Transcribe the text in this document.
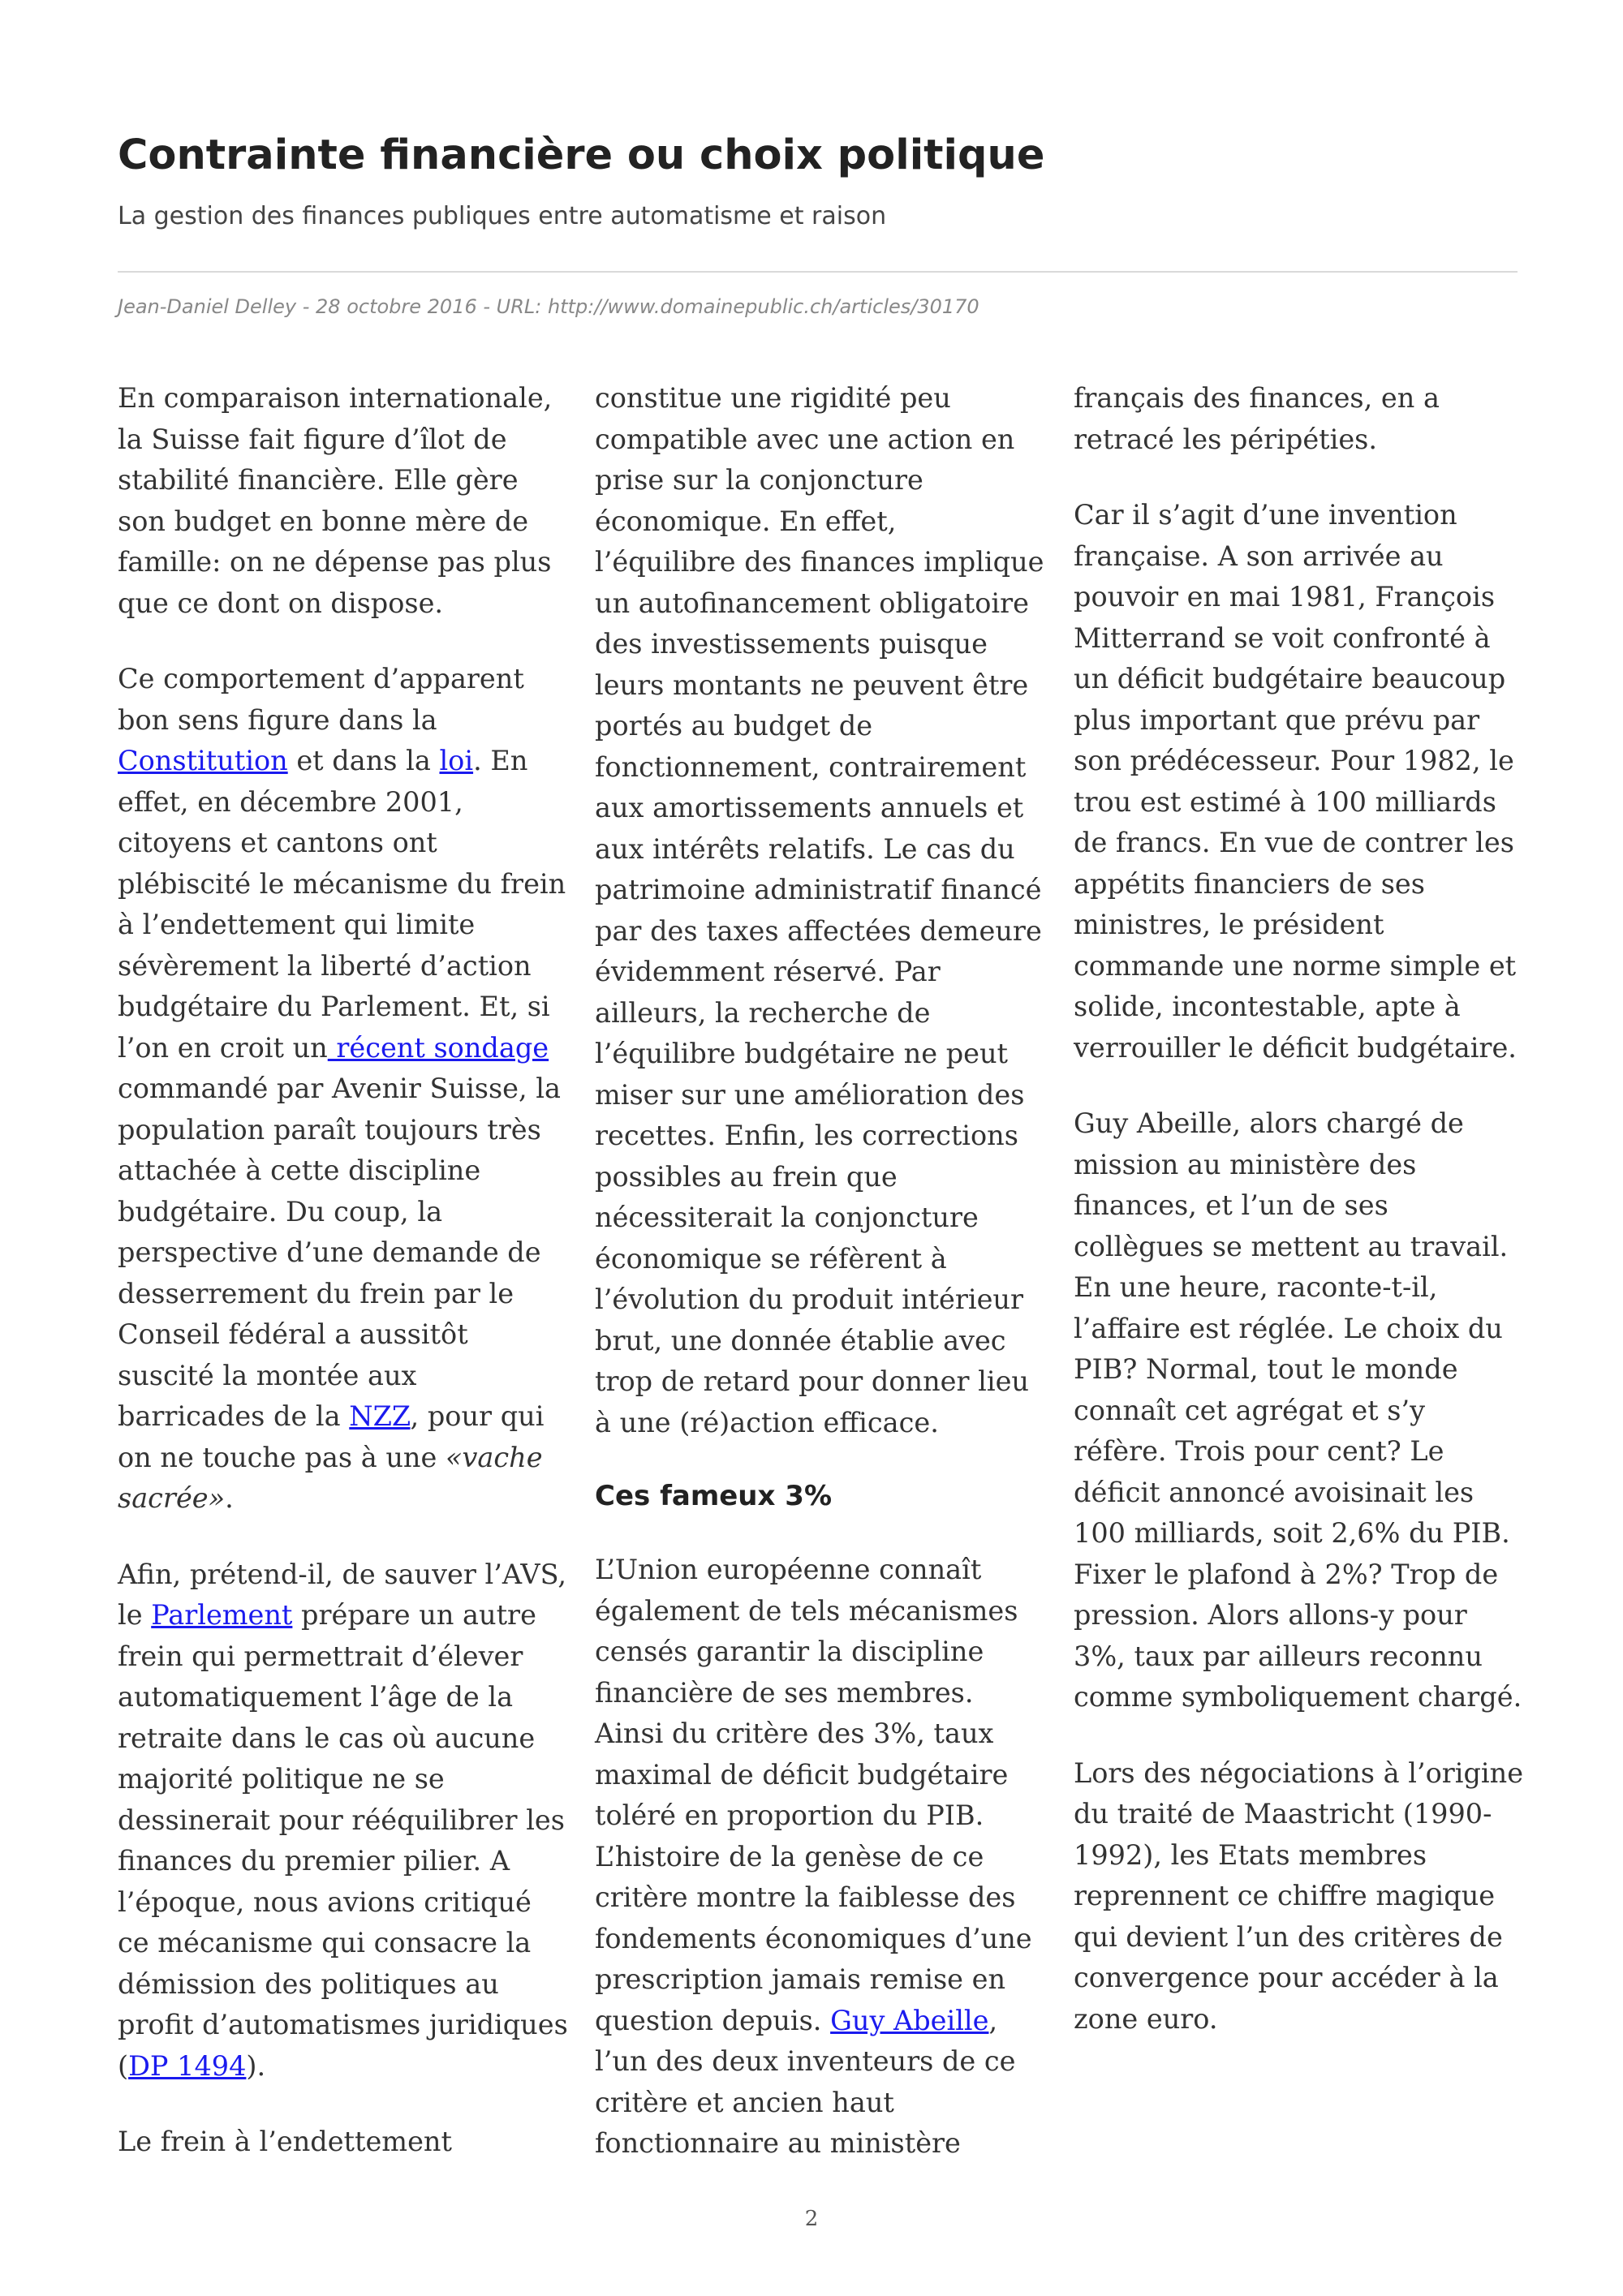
Contrainte financière ou choix politique

La gestion des finances publiques entre automatisme et raison

Jean-Daniel Delley - 28 octobre 2016 - URL: http://www.domainepublic.ch/articles/30170

En comparaison internationale, la Suisse fait figure d’îlot de stabilité financière. Elle gère son budget en bonne mère de famille: on ne dépense pas plus que ce dont on dispose.

Ce comportement d’apparent bon sens figure dans la Constitution et dans la loi. En effet, en décembre 2001, citoyens et cantons ont plébiscité le mécanisme du frein à l’endettement qui limite sévèrement la liberté d’action budgétaire du Parlement. Et, si l’on en croit un récent sondage commandé par Avenir Suisse, la population paraît toujours très attachée à cette discipline budgétaire. Du coup, la perspective d’une demande de desserrement du frein par le Conseil fédéral a aussitôt suscité la montée aux barricades de la NZZ, pour qui on ne touche pas à une «vache sacrée».

Afin, prétend-il, de sauver l’AVS, le Parlement prépare un autre frein qui permettrait d’élever automatiquement l’âge de la retraite dans le cas où aucune majorité politique ne se dessinerait pour rééquilibrer les finances du premier pilier. A l’époque, nous avions critiqué ce mécanisme qui consacre la démission des politiques au profit d’automatismes juridiques (DP 1494).

Le frein à l’endettement

constitue une rigidité peu compatible avec une action en prise sur la conjoncture économique. En effet, l’équilibre des finances implique un autofinancement obligatoire des investissements puisque leurs montants ne peuvent être portés au budget de fonctionnement, contrairement aux amortissements annuels et aux intérêts relatifs. Le cas du patrimoine administratif financé par des taxes affectées demeure évidemment réservé. Par ailleurs, la recherche de l’équilibre budgétaire ne peut miser sur une amélioration des recettes. Enfin, les corrections possibles au frein que nécessiterait la conjoncture économique se réfèrent à l’évolution du produit intérieur brut, une donnée établie avec trop de retard pour donner lieu à une (ré)action efficace.

Ces fameux 3%

L’Union européenne connaît également de tels mécanismes censés garantir la discipline financière de ses membres. Ainsi du critère des 3%, taux maximal de déficit budgétaire toléré en proportion du PIB. L’histoire de la genèse de ce critère montre la faiblesse des fondements économiques d’une prescription jamais remise en question depuis. Guy Abeille, l’un des deux inventeurs de ce critère et ancien haut fonctionnaire au ministère

français des finances, en a retracé les péripéties.

Car il s’agit d’une invention française. A son arrivée au pouvoir en mai 1981, François Mitterrand se voit confronté à un déficit budgétaire beaucoup plus important que prévu par son prédécesseur. Pour 1982, le trou est estimé à 100 milliards de francs. En vue de contrer les appétits financiers de ses ministres, le président commande une norme simple et solide, incontestable, apte à verrouiller le déficit budgétaire.

Guy Abeille, alors chargé de mission au ministère des finances, et l’un de ses collègues se mettent au travail. En une heure, raconte-t-il, l’affaire est réglée. Le choix du PIB? Normal, tout le monde connaît cet agrégat et s’y réfère. Trois pour cent? Le déficit annoncé avoisinait les 100 milliards, soit 2,6% du PIB. Fixer le plafond à 2%? Trop de pression. Alors allons-y pour 3%, taux par ailleurs reconnu comme symboliquement chargé.

Lors des négociations à l’origine du traité de Maastricht (1990-1992), les Etats membres reprennent ce chiffre magique qui devient l’un des critères de convergence pour accéder à la zone euro.

2
